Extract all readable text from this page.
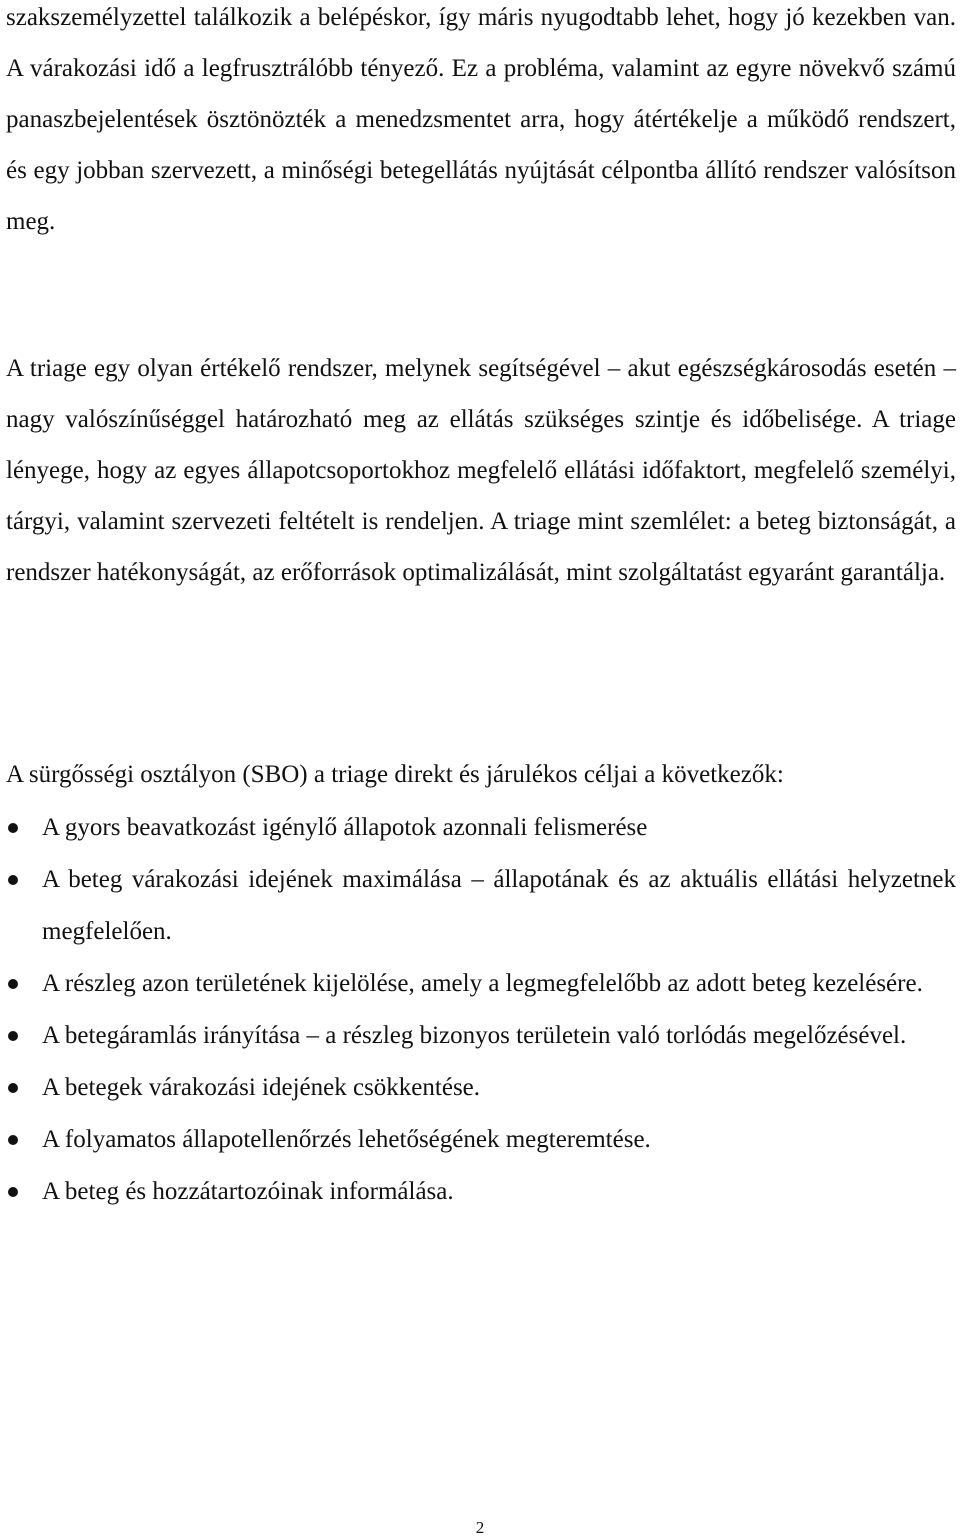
szakszemélyzettel találkozik a belépéskor, így máris nyugodtabb lehet, hogy jó kezekben van. A várakozási idő a legfrusztrálóbb tényező. Ez a probléma, valamint az egyre növekvő számú panaszbejelentések ösztönözték a menedzsmentet arra, hogy átértékelje a működő rendszert, és egy jobban szervezett, a minőségi betegellátás nyújtását célpontba állító rendszer valósítson meg.

A triage egy olyan értékelő rendszer, melynek segítségével – akut egészségkárosodás esetén – nagy valószínűséggel határozható meg az ellátás szükséges szintje és időbelisége. A triage lényege, hogy az egyes állapotcsoportokhoz megfelelő ellátási időfaktort, megfelelő személyi, tárgyi, valamint szervezeti feltételt is rendeljen. A triage mint szemlélet: a beteg biztonságát, a rendszer hatékonyságát, az erőforrások optimalizálását, mint szolgáltatást egyaránt garantálja.

A sürgősségi osztályon (SBO) a triage direkt és járulékos céljai a következők:

A gyors beavatkozást igénylő állapotok azonnali felismerése
A beteg várakozási idejének maximálása – állapotának és az aktuális ellátási helyzetnek megfelelően.
A részleg azon területének kijelölése, amely a legmegfelelőbb az adott beteg kezelésére.
A betegáramlás irányítása – a részleg bizonyos területein való torlódás megelőzésével.
A betegek várakozási idejének csökkentése.
A folyamatos állapotellenőrzés lehetőségének megteremtése.
A beteg és hozzátartozóinak informálása.
2
